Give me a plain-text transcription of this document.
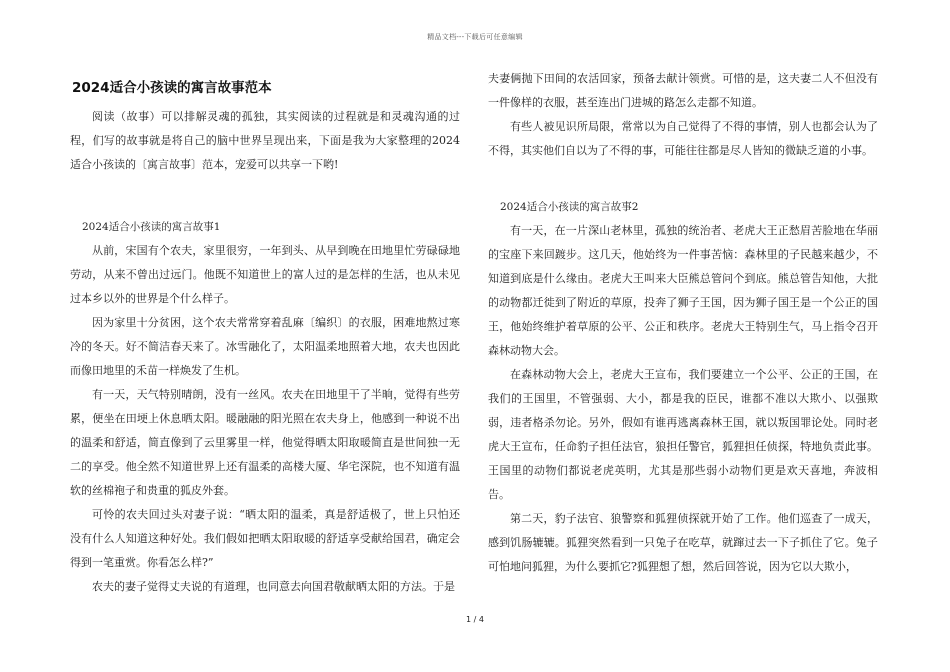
精品文档---下载后可任意编辑
2024适合小孩读的寓言故事范本

阅读（故事）可以排解灵魂的孤独，其实阅读的过程就是和灵魂沟通的过程，们写的故事就是将自己的脑中世界呈现出来，下面是我为大家整理的2024适合小孩读的〔寓言故事〕范本，宠爱可以共享一下哟!

2024适合小孩读的寓言故事1

从前，宋国有个农夫，家里很穷，一年到头、从早到晚在田地里忙劳碌碌地劳动，从来不曾出过远门。他既不知道世上的富人过的是怎样的生活，也从未见过本乡以外的世界是个什么样子。

因为家里十分贫困，这个农夫常常穿着乱麻〔编织〕的衣服，困难地熬过寒冷的冬天。好不简洁春天来了。冰雪融化了，太阳温柔地照着大地，农夫也因此而像田地里的禾苗一样焕发了生机。

有一天，天气特别晴朗，没有一丝风。农夫在田地里干了半晌，觉得有些劳累，便坐在田埂上休息晒太阳。暖融融的阳光照在农夫身上，他感到一种说不出的温柔和舒适，简直像到了云里雾里一样，他觉得晒太阳取暖简直是世间独一无二的享受。他全然不知道世界上还有温柔的高楼大厦、华宅深院，也不知道有温软的丝棉袍子和贵重的狐皮外套。

可怜的农夫回过头对妻子说：“晒太阳的温柔，真是舒适极了，世上只怕还没有什么人知道这种好处。我们假如把晒太阳取暖的舒适享受献给国君，确定会得到一笔重赏。你看怎么样?”

农夫的妻子觉得丈夫说的有道理，也同意去向国君敬献晒太阳的方法。于是

夫妻俩抛下田间的农活回家，预备去献计领赏。可惜的是，这夫妻二人不但没有一件像样的衣服，甚至连出门进城的路怎么走都不知道。

有些人被见识所局限，常常以为自己觉得了不得的事情，别人也都会认为了不得，其实他们自以为了不得的事，可能往往都是尽人皆知的微缺乏道的小事。

2024适合小孩读的寓言故事2

有一天，在一片深山老林里，孤独的统治者、老虎大王正愁眉苦脸地在华丽的宝座下来回踱步。这几天，他始终为一件事苦恼：森林里的子民越来越少，不知道到底是什么缘由。老虎大王叫来大臣熊总管问个到底。熊总管告知他，大批的动物都迁徙到了附近的草原，投奔了狮子王国，因为狮子国王是一个公正的国王，他始终维护着草原的公平、公正和秩序。老虎大王特别生气，马上指令召开森林动物大会。

在森林动物大会上，老虎大王宣布，我们要建立一个公平、公正的王国，在我们的王国里，不管强弱、大小，都是我的臣民，谁都不准以大欺小、以强欺弱，违者格杀勿论。另外，假如有谁再逃离森林王国，就以叛国罪论处。同时老虎大王宣布，任命豹子担任法官，狼担任警官，狐狸担任侦探，特地负责此事。王国里的动物们都说老虎英明，尤其是那些弱小动物们更是欢天喜地，奔波相告。

第二天，豹子法官、狼警察和狐狸侦探就开始了工作。他们巡查了一成天，感到饥肠辘辘。狐狸突然看到一只兔子在吃草，就蹿过去一下子抓住了它。兔子可怕地问狐狸，为什么要抓它?狐狸想了想，然后回答说，因为它以大欺小，

1 / 4
